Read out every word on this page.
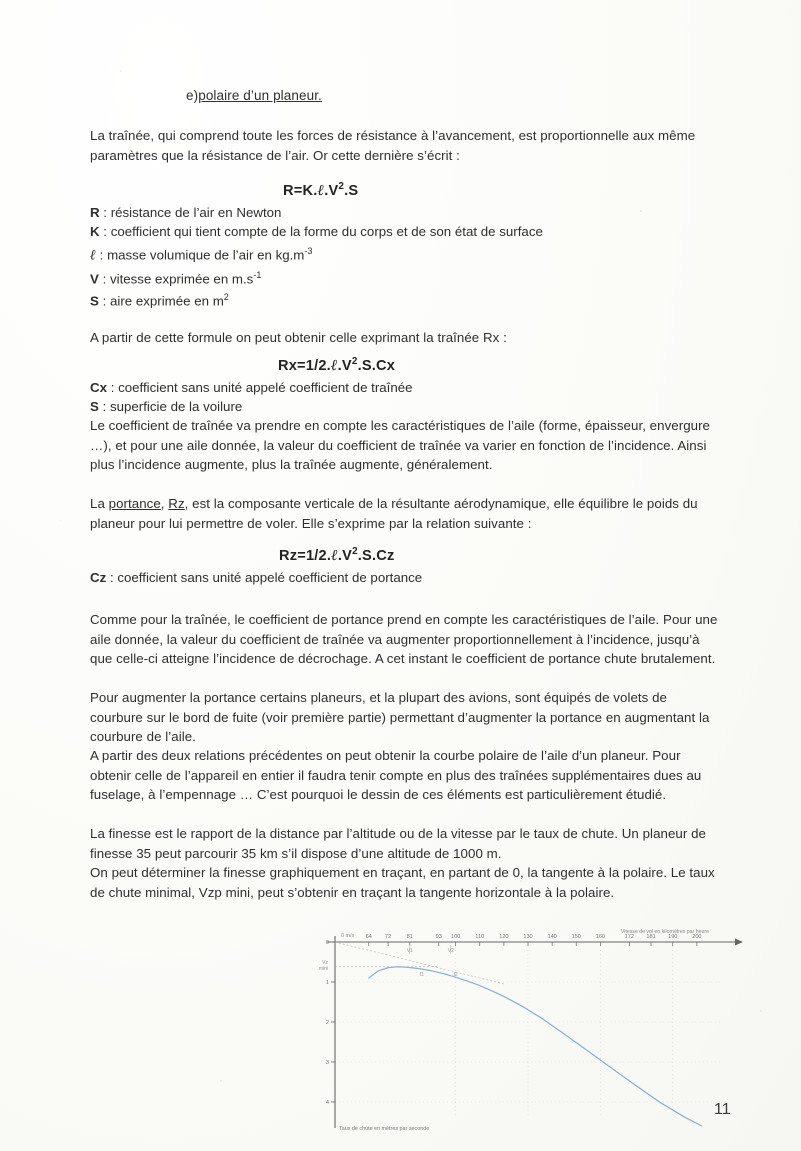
e)polaire d’un planeur.
La traînée, qui comprend toute les forces de résistance à l’avancement, est proportionnelle aux même paramètres que la résistance de l’air. Or cette dernière s’écrit :
$R=K.\ell.V^2.S$
R : résistance de l’air en Newton
K : coefficient qui tient compte de la forme du corps et de son état de surface
ℓ : masse volumique de l’air en $kg.m^{-3}$
V : vitesse exprimée en $m.s^{-1}$
S : aire exprimée en $m^2$
A partir de cette formule on peut obtenir celle exprimant la traînée Rx :
$Rx=1/2.\ell.V^2.S.Cx$
Cx : coefficient sans unité appelé coefficient de traînée
S : superficie de la voilure
Le coefficient de traînée va prendre en compte les caractéristiques de l’aile (forme, épaisseur, envergure …), et pour une aile donnée, la valeur du coefficient de traînée va varier en fonction de l’incidence. Ainsi plus l’incidence augmente, plus la traînée augmente, généralement.
La portance, Rz, est la composante verticale de la résultante aérodynamique, elle équilibre le poids du planeur pour lui permettre de voler. Elle s’exprime par la relation suivante :
$Rz=1/2.\ell.V^2.S.Cz$
Cz : coefficient sans unité appelé coefficient de portance
Comme pour la traînée, le coefficient de portance prend en compte les caractéristiques de l’aile. Pour une aile donnée, la valeur du coefficient de traînée va augmenter proportionnellement à l’incidence, jusqu’à que celle-ci atteigne l’incidence de décrochage. A cet instant le coefficient de portance chute brutalement.
Pour augmenter la portance certains planeurs, et la plupart des avions, sont équipés de volets de courbure sur le bord de fuite (voir première partie) permettant d’augmenter la portance en augmentant la courbure de l’aile.
A partir des deux relations précédentes on peut obtenir la courbe polaire de l’aile d’un planeur. Pour obtenir celle de l’appareil en entier il faudra tenir compte en plus des traînées supplémentaires dues au fuselage, à l’empennage … C’est pourquoi le dessin de ces éléments est particulièrement étudié.
La finesse est le rapport de la distance par l’altitude ou de la vitesse par le taux de chute. Un planeur de finesse 35 peut parcourir 35 km s’il dispose d’une altitude de 1000 m.
On peut déterminer la finesse graphiquement en traçant, en partant de 0, la tangente à la polaire. Le taux de chute minimal, Vzp mini, peut s’obtenir en traçant la tangente horizontale à la polaire.
64 72	81	93 100	110	120	130	140	150	160	172 181 190	200
0
1
2
3
4
0 m/s
Vz
mini
Vitesse de vol en kilomètres par heure
Taux de chute en mètres par seconde
V1	V2
f1	f2
11
